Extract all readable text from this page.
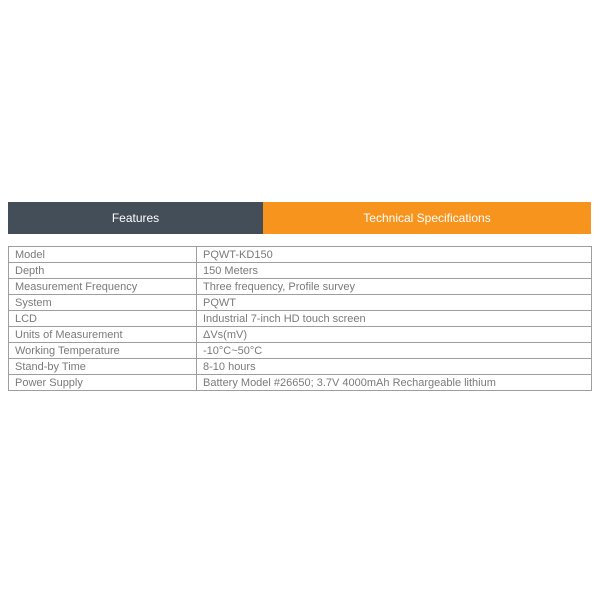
Features	Technical Specifications
Model	PQWT-KD150
Depth	150 Meters
Measurement Frequency	Three frequency, Profile survey
System	PQWT
LCD	Industrial 7-inch HD touch screen
Units of Measurement	ΔVs(mV)
Working Temperature	-10°C~50°C
Stand-by Time	8-10 hours
Power Supply	Battery Model #26650; 3.7V 4000mAh Rechargeable lithium
